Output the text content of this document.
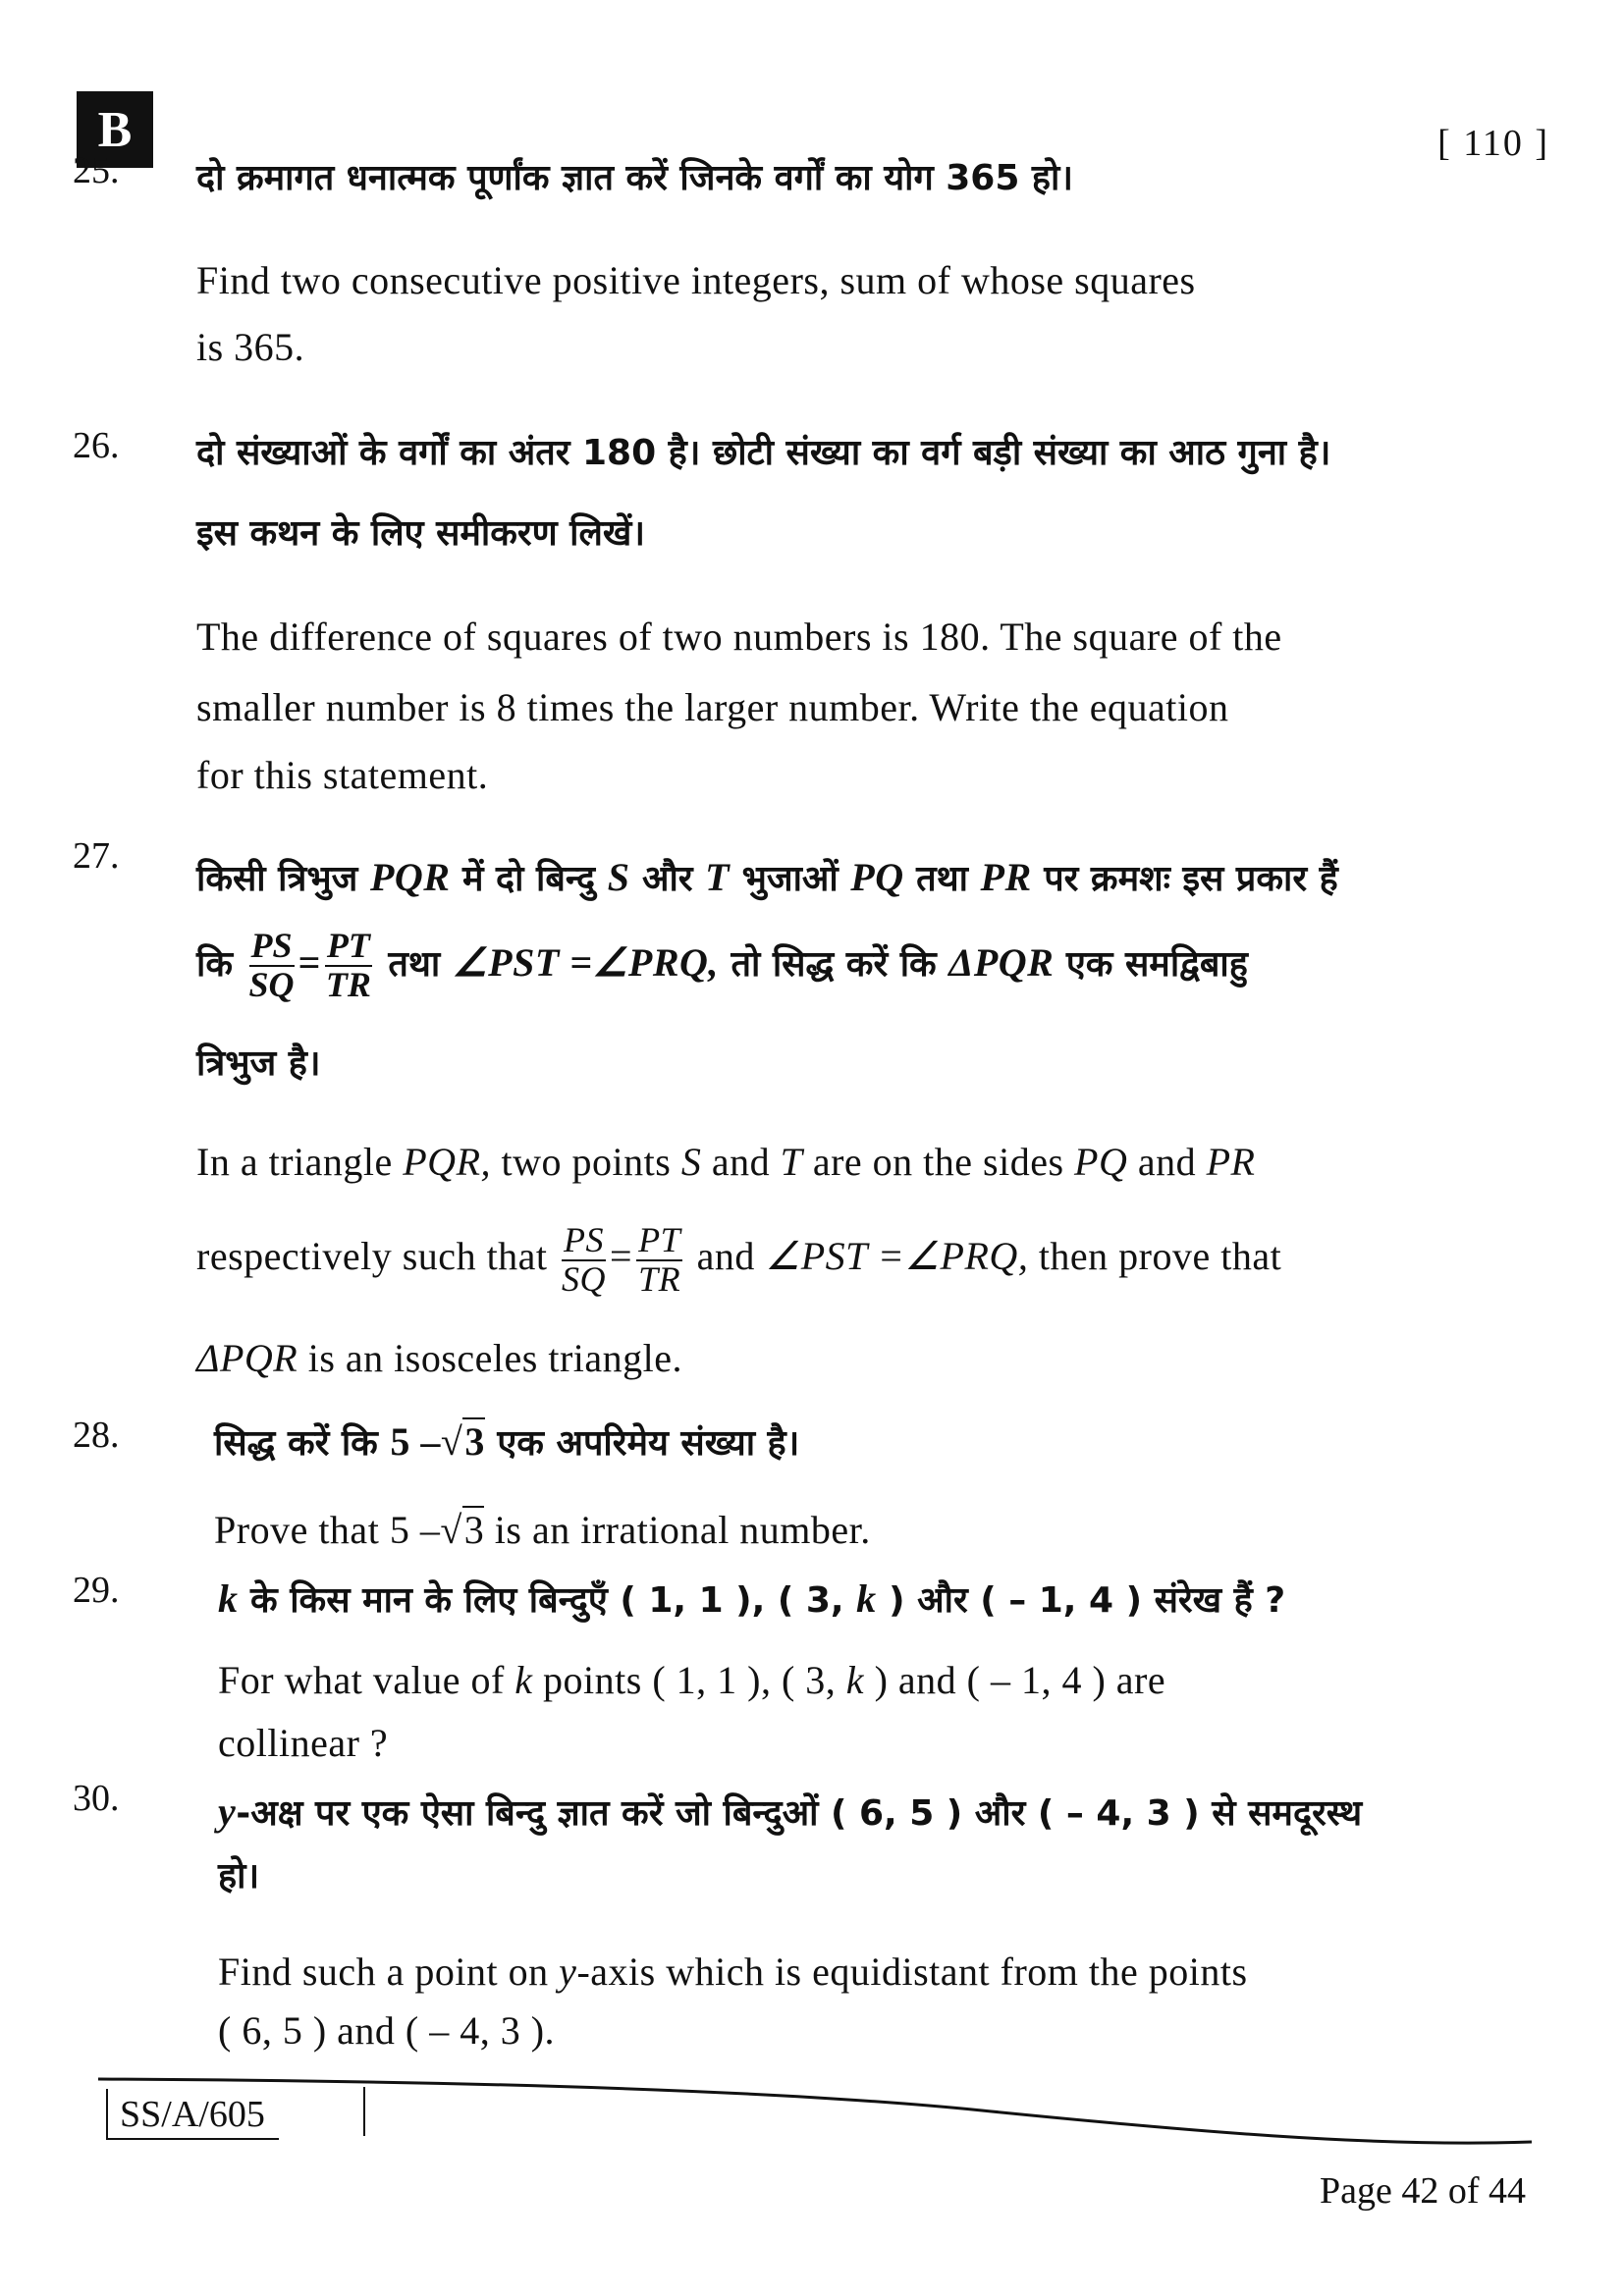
B	[ 110 ]
25. दो क्रमागत धनात्मक पूर्णांक ज्ञात करें जिनके वर्गों का योग 365 हो।
Find two consecutive positive integers, sum of whose squares
is 365.
26. दो संख्याओं के वर्गों का अंतर 180 है। छोटी संख्या का वर्ग बड़ी संख्या का आठ गुना है।
इस कथन के लिए समीकरण लिखें।
The difference of squares of two numbers is 180. The square of the
smaller number is 8 times the larger number. Write the equation
for this statement.
27.
किसी त्रिभुज PQR में दो बिन्दु S और T भुजाओं PQ तथा PR पर क्रमशः इस प्रकार हैं
कि $\frac{PS}{SQ} = \frac{PT}{TR}$ तथा ∠PST =∠PRQ, तो सिद्ध करें कि ΔPQR एक समद्विबाहु
त्रिभुज है।
In a triangle PQR, two points S and T are on the sides PQ and PR
respectively such that $\frac{PS}{SQ} = \frac{PT}{TR}$ and ∠PST =∠PRQ, then prove that
ΔPQR is an isosceles triangle.
28.	सिद्ध करें कि 5 –√3 एक अपरिमेय संख्या है।
Prove that 5 –√3 is an irrational number.
29.	k के किस मान के लिए बिन्दुएँ ( 1, 1 ), ( 3, k ) और ( – 1, 4 ) संरेख हैं ?
For what value of k points ( 1, 1 ), ( 3, k ) and ( – 1, 4 ) are
collinear ?
30.	y-अक्ष पर एक ऐसा बिन्दु ज्ञात करें जो बिन्दुओं ( 6, 5 ) और ( – 4, 3 ) से समदूरस्थ
हो।
Find such a point on y-axis which is equidistant from the points
( 6, 5 ) and ( – 4, 3 ).
SS/A/605
Page 42 of 44
